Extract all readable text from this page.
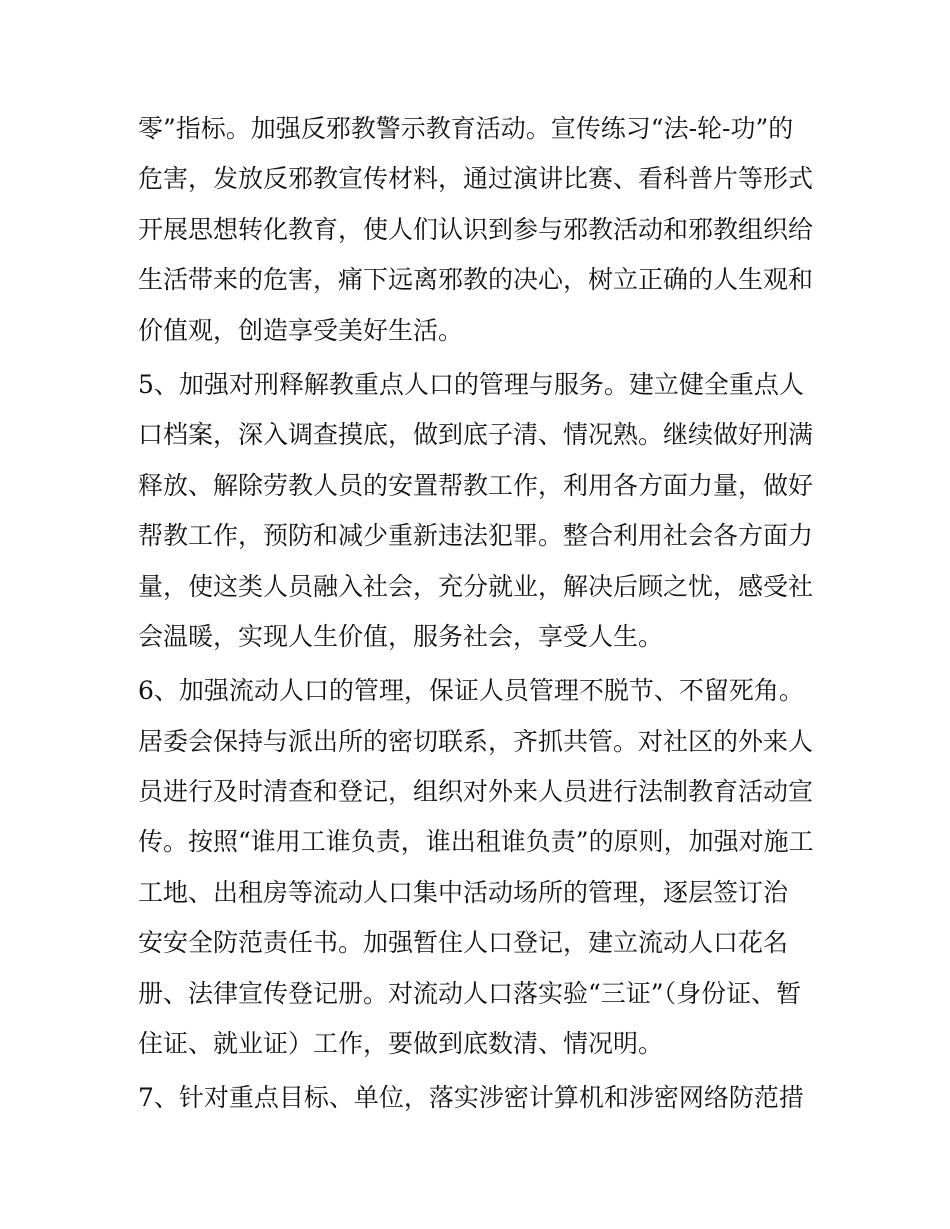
零”指标。加强反邪教警示教育活动。宣传练习“法-轮-功”的

危害，发放反邪教宣传材料，通过演讲比赛、看科普片等形式

开展思想转化教育，使人们认识到参与邪教活动和邪教组织给

生活带来的危害，痛下远离邪教的决心，树立正确的人生观和

价值观，创造享受美好生活。

5、加强对刑释解教重点人口的管理与服务。建立健全重点人

口档案，深入调查摸底，做到底子清、情况熟。继续做好刑满

释放、解除劳教人员的安置帮教工作，利用各方面力量，做好

帮教工作，预防和减少重新违法犯罪。整合利用社会各方面力

量，使这类人员融入社会，充分就业，解决后顾之忧，感受社

会温暖，实现人生价值，服务社会，享受人生。

6、加强流动人口的管理，保证人员管理不脱节、不留死角。

居委会保持与派出所的密切联系，齐抓共管。对社区的外来人

员进行及时清查和登记，组织对外来人员进行法制教育活动宣

传。按照“谁用工谁负责，谁出租谁负责”的原则，加强对施工

工地、出租房等流动人口集中活动场所的管理，逐层签订治

安安全防范责任书。加强暂住人口登记，建立流动人口花名

册、法律宣传登记册。对流动人口落实验“三证”（身份证、暂

住证、就业证）工作，要做到底数清、情况明。

7、针对重点目标、单位，落实涉密计算机和涉密网络防范措
